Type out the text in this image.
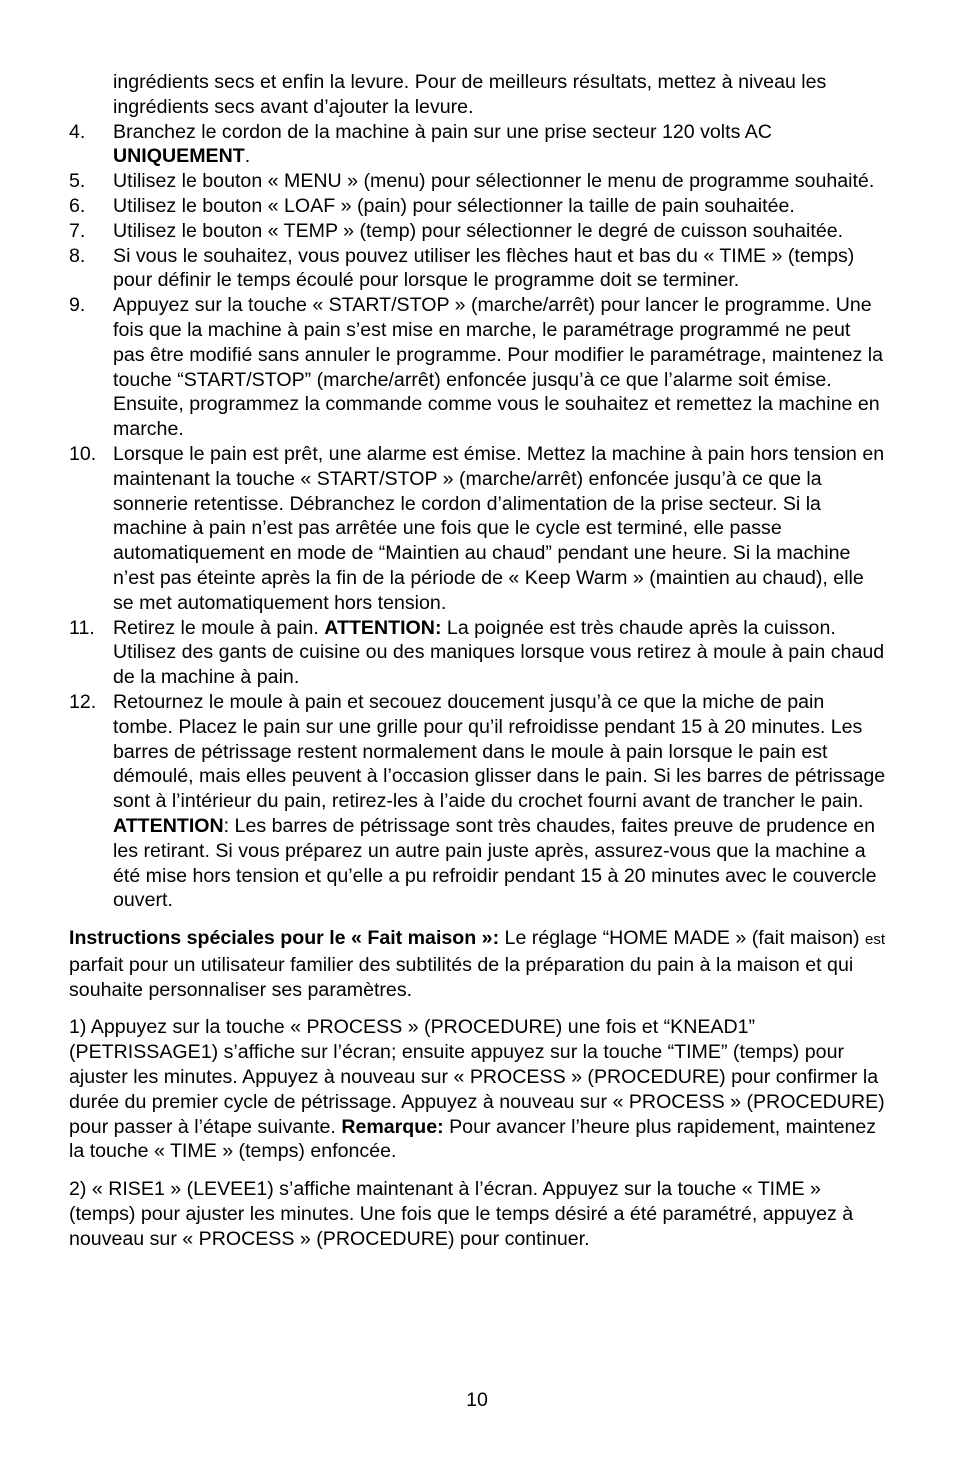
ingrédients secs et enfin la levure. Pour de meilleurs résultats, mettez à niveau les ingrédients secs avant d’ajouter la levure.
4. Branchez le cordon de la machine à pain sur une prise secteur 120 volts AC UNIQUEMENT.
5. Utilisez le bouton « MENU » (menu) pour sélectionner le menu de programme souhaité.
6. Utilisez le bouton « LOAF » (pain) pour sélectionner la taille de pain souhaitée.
7. Utilisez le bouton « TEMP » (temp) pour sélectionner le degré de cuisson souhaitée.
8. Si vous le souhaitez, vous pouvez utiliser les flèches haut et bas du « TIME » (temps) pour définir le temps écoulé pour lorsque le programme doit se terminer.
9. Appuyez sur la touche « START/STOP » (marche/arrêt) pour lancer le programme. Une fois que la machine à pain s’est mise en marche, le paramétrage programmé ne peut pas être modifié sans annuler le programme. Pour modifier le paramétrage, maintenez la touche “START/STOP” (marche/arrêt) enfoncée jusqu’à ce que l’alarme soit émise. Ensuite, programmez la commande comme vous le souhaitez et remettez la machine en marche.
10. Lorsque le pain est prêt, une alarme est émise. Mettez la machine à pain hors tension en maintenant la touche « START/STOP » (marche/arrêt) enfoncée jusqu’à ce que la sonnerie retentisse. Débranchez le cordon d’alimentation de la prise secteur. Si la machine à pain n’est pas arrêtée une fois que le cycle est terminé, elle passe automatiquement en mode de “Maintien au chaud” pendant une heure. Si la machine n’est pas éteinte après la fin de la période de « Keep Warm » (maintien au chaud), elle se met automatiquement hors tension.
11. Retirez le moule à pain. ATTENTION: La poignée est très chaude après la cuisson. Utilisez des gants de cuisine ou des maniques lorsque vous retirez à moule à pain chaud de la machine à pain.
12. Retournez le moule à pain et secouez doucement jusqu’à ce que la miche de pain tombe. Placez le pain sur une grille pour qu’il refroidisse pendant 15 à 20 minutes. Les barres de pétrissage restent normalement dans le moule à pain lorsque le pain est démoulé, mais elles peuvent à l’occasion glisser dans le pain. Si les barres de pétrissage sont à l’intérieur du pain, retirez-les à l’aide du crochet fourni avant de trancher le pain. ATTENTION: Les barres de pétrissage sont très chaudes, faites preuve de prudence en les retirant. Si vous préparez un autre pain juste après, assurez-vous que la machine a été mise hors tension et qu’elle a pu refroidir pendant 15 à 20 minutes avec le couvercle ouvert.

Instructions spéciales pour le « Fait maison »: Le réglage “HOME MADE » (fait maison) est parfait pour un utilisateur familier des subtilités de la préparation du pain à la maison et qui souhaite personnaliser ses paramètres.

1) Appuyez sur la touche « PROCESS » (PROCEDURE) une fois et “KNEAD1” (PETRISSAGE1) s’affiche sur l’écran; ensuite appuyez sur la touche “TIME” (temps) pour ajuster les minutes. Appuyez à nouveau sur « PROCESS » (PROCEDURE) pour confirmer la durée du premier cycle de pétrissage. Appuyez à nouveau sur « PROCESS » (PROCEDURE) pour passer à l’étape suivante. Remarque: Pour avancer l’heure plus rapidement, maintenez la touche « TIME » (temps) enfoncée.

2) « RISE1 » (LEVEE1) s’affiche maintenant à l’écran. Appuyez sur la touche « TIME » (temps) pour ajuster les minutes. Une fois que le temps désiré a été paramétré, appuyez à nouveau sur « PROCESS » (PROCEDURE) pour continuer.

10
